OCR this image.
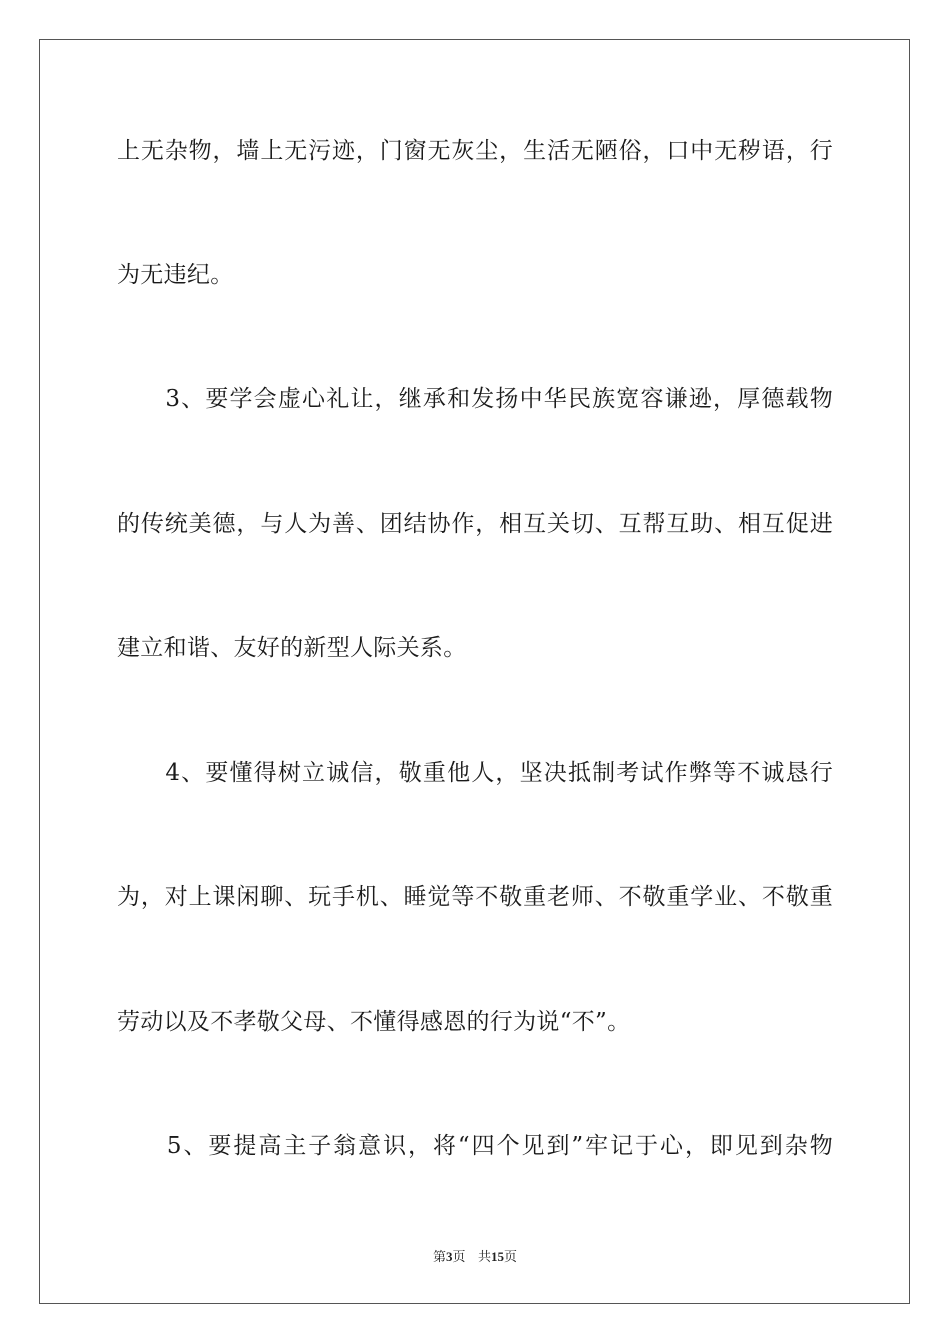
上无杂物，墙上无污迹，门窗无灰尘，生活无陋俗，口中无秽语，行
为无违纪。
　　3、要学会虚心礼让，继承和发扬中华民族宽容谦逊，厚德载物
的传统美德，与人为善、团结协作，相互关切、互帮互助、相互促进
建立和谐、友好的新型人际关系。
　　4、要懂得树立诚信，敬重他人，坚决抵制考试作弊等不诚恳行
为，对上课闲聊、玩手机、睡觉等不敬重老师、不敬重学业、不敬重
劳动以及不孝敬父母、不懂得感恩的行为说“不”。
　　5、要提高主子翁意识，将“四个见到”牢记于心，即见到杂物
第3页 共15页
